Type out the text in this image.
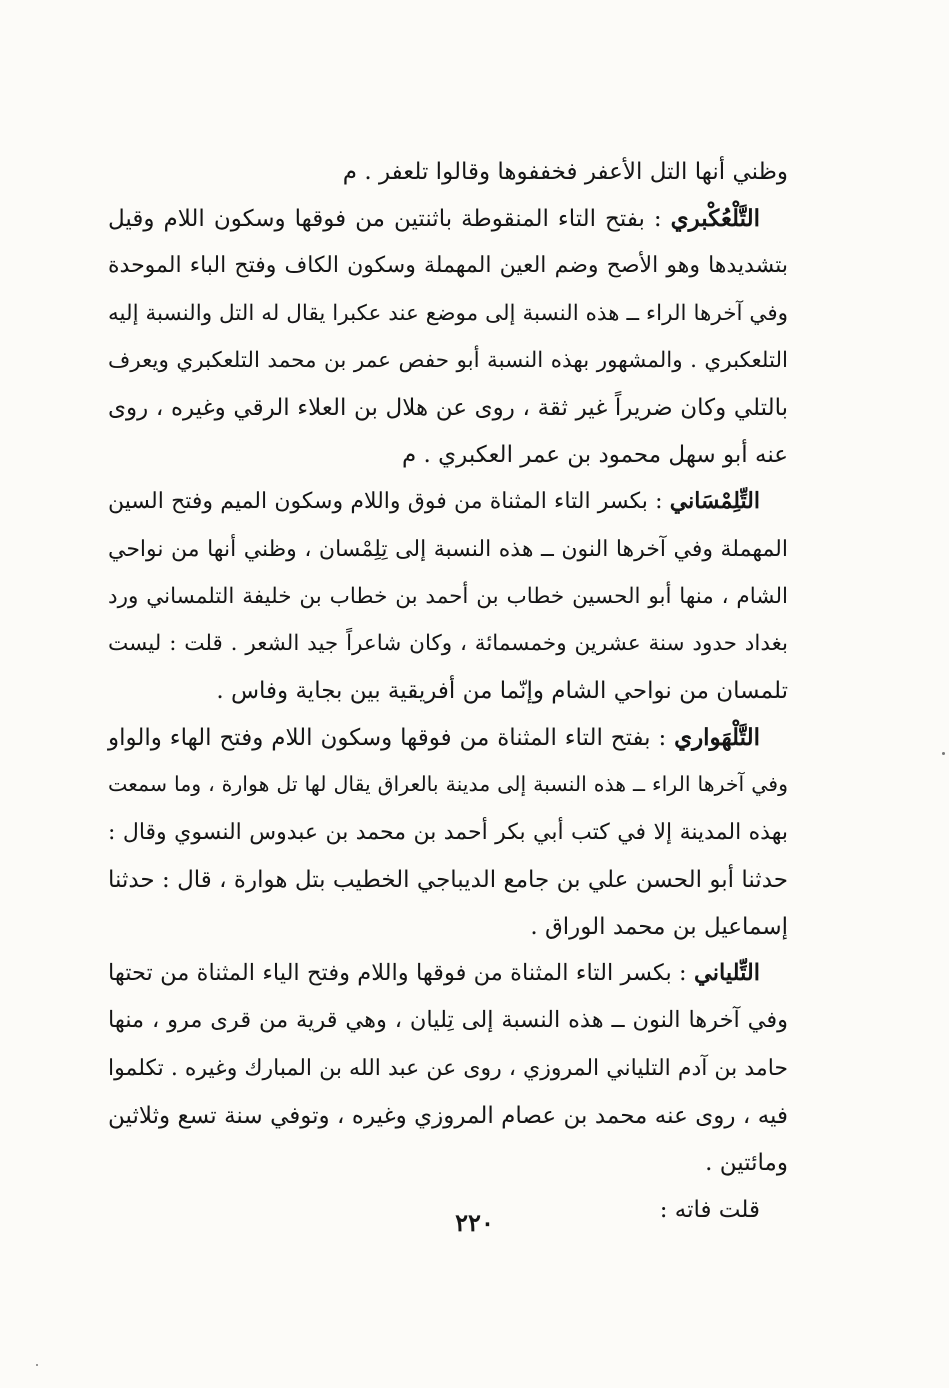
وظني أنها التل الأعفر فخففوها وقالوا تلعفر . م
التَّلْعُكْبري : بفتح التاء المنقوطة باثنتين من فوقها وسكون اللام وقيل
بتشديدها وهو الأصح وضم العين المهملة وسكون الكاف وفتح الباء الموحدة
وفي آخرها الراء ــ هذه النسبة إلى موضع عند عكبرا يقال له التل والنسبة إليه
التلعكبري . والمشهور بهذه النسبة أبو حفص عمر بن محمد التلعكبري ويعرف
بالتلي وكان ضريراً غير ثقة ، روى عن هلال بن العلاء الرقي وغيره ، روى
عنه أبو سهل محمود بن عمر العكبري . م
التِّلِمْسَاني : بكسر التاء المثناة من فوق واللام وسكون الميم وفتح السين
المهملة وفي آخرها النون ــ هذه النسبة إلى تِلِمْسان ، وظني أنها من نواحي
الشام ، منها أبو الحسين خطاب بن أحمد بن خطاب بن خليفة التلمساني ورد
بغداد حدود سنة عشرين وخمسمائة ، وكان شاعراً جيد الشعر . قلت : ليست
تلمسان من نواحي الشام وإنّما من أفريقية بين بجاية وفاس .
التَّلْهَواري : بفتح التاء المثناة من فوقها وسكون اللام وفتح الهاء والواو
وفي آخرها الراء ــ هذه النسبة إلى مدينة بالعراق يقال لها تل هوارة ، وما سمعت
بهذه المدينة إلا في كتب أبي بكر أحمد بن محمد بن عبدوس النسوي وقال :
حدثنا أبو الحسن علي بن جامع الديباجي الخطيب بتل هوارة ، قال : حدثنا
إسماعيل بن محمد الوراق .
التِّلياني : بكسر التاء المثناة من فوقها واللام وفتح الياء المثناة من تحتها
وفي آخرها النون ــ هذه النسبة إلى تِليان ، وهي قرية من قرى مرو ، منها
حامد بن آدم التلياني المروزي ، روى عن عبد الله بن المبارك وغيره . تكلموا
فيه ، روى عنه محمد بن عصام المروزي وغيره ، وتوفي سنة تسع وثلاثين
ومائتين .
قلت فاته :
٢٢٠
